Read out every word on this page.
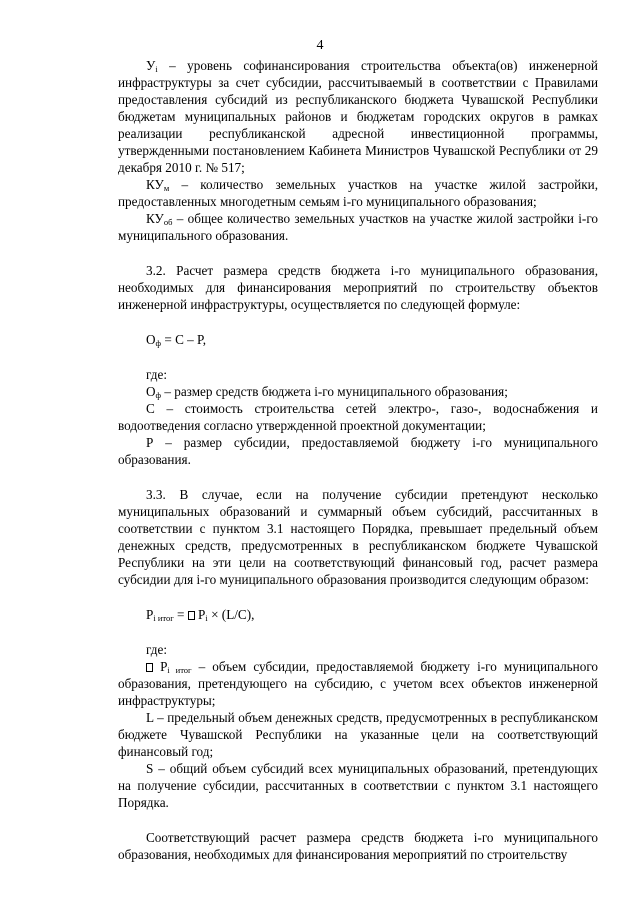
4

$У_i$ – уровень софинансирования строительства объекта(ов) инженерной инфраструктуры за счет субсидии, рассчитываемый в соответствии с Правилами предоставления субсидий из республиканского бюджета Чувашской Республики бюджетам муниципальных районов и бюджетам городских округов в рамках реализации республиканской адресной инвестиционной программы, утвержденными постановлением Кабинета Министров Чувашской Республики от 29 декабря 2010 г. № 517;

$КУ_м$ – количество земельных участков на участке жилой застройки, предоставленных многодетным семьям i-го муниципального образования;

$КУ_{об}$ – общее количество земельных участков на участке жилой застройки i-го муниципального образования.

3.2. Расчет размера средств бюджета i-го муниципального образования, необходимых для финансирования мероприятий по строительству объектов инженерной инфраструктуры, осуществляется по следующей формуле:

$О_ф = С - Р$,

где:

$О_ф$ – размер средств бюджета i-го муниципального образования;

С – стоимость строительства сетей электро-, газо-, водоснабжения и водоотведения согласно утвержденной проектной документации;

Р – размер субсидии, предоставляемой бюджету i-го муниципального образования.

3.3. В случае, если на получение субсидии претендуют несколько муниципальных образований и суммарный объем субсидий, рассчитанных в соответствии с пунктом 3.1 настоящего Порядка, превышает предельный объем денежных средств, предусмотренных в республиканском бюджете Чувашской Республики на эти цели на соответствующий финансовый год, расчет размера субсидии для i-го муниципального образования производится следующим образом:

$Р_{i итог} = P_i \times (L/С)$,

где:

$P_{i итог}$ – объем субсидии, предоставляемой бюджету i-го муниципального образования, претендующего на субсидию, с учетом всех объектов инженерной инфраструктуры;

L – предельный объем денежных средств, предусмотренных в республиканском бюджете Чувашской Республики на указанные цели на соответствующий финансовый год;

S – общий объем субсидий всех муниципальных образований, претендующих на получение субсидии, рассчитанных в соответствии с пунктом 3.1 настоящего Порядка.

Соответствующий расчет размера средств бюджета i-го муниципального образования, необходимых для финансирования мероприятий по строительству
